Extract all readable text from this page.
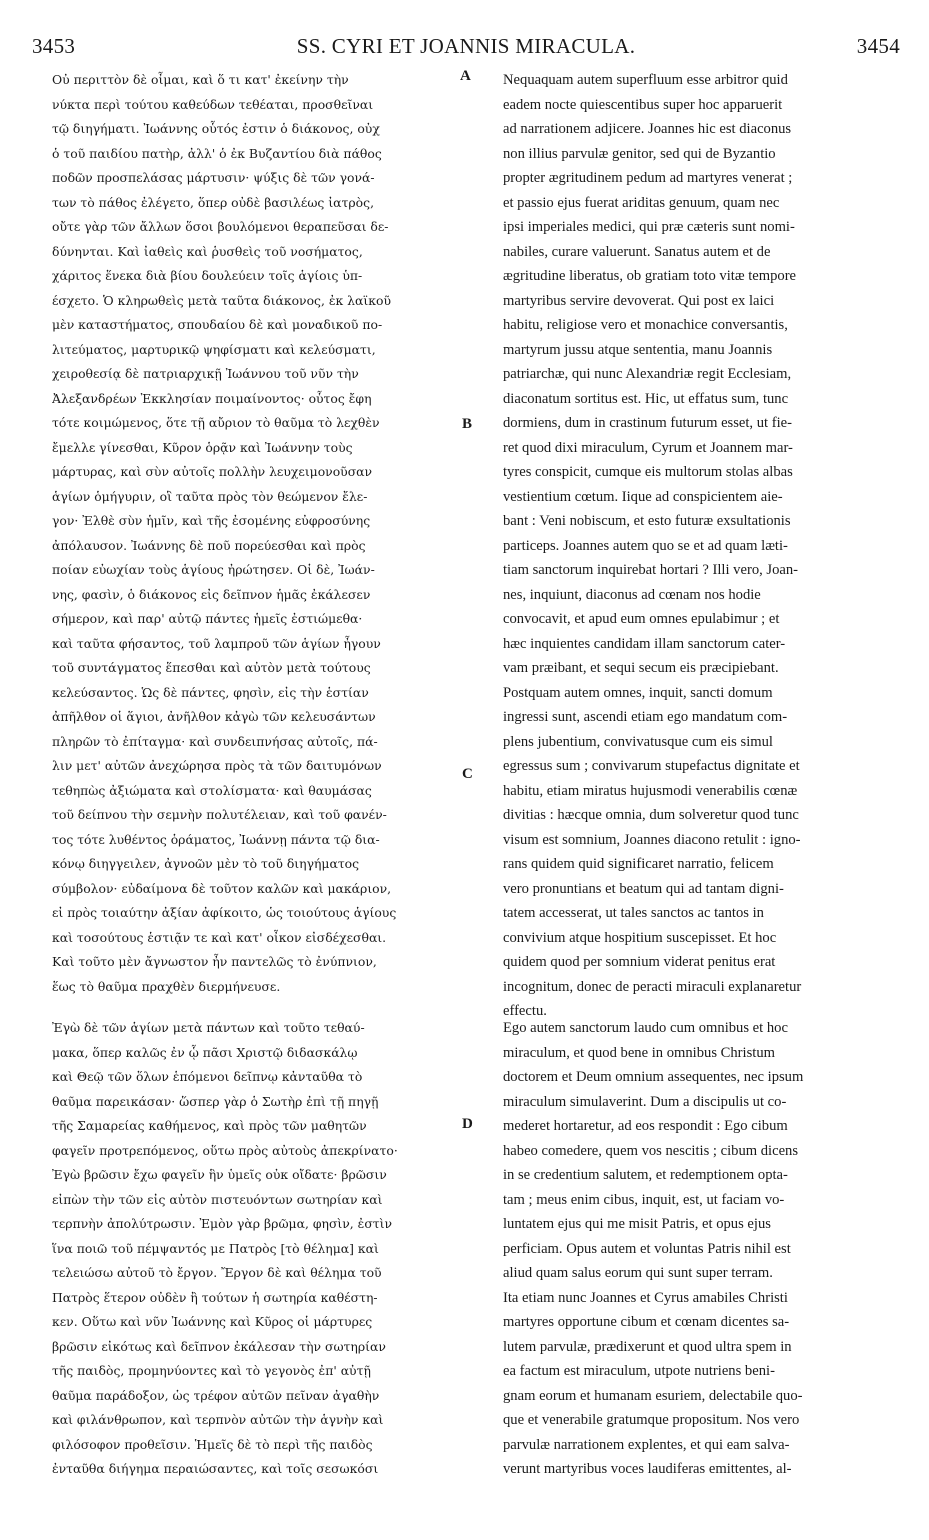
3453	SS. CYRI ET JOANNIS MIRACULA.	3454
Οὐ περιττὸν δὲ οἶμαι, καὶ ὅ τι κατ' ἐκείνην τὴν
νύκτα περὶ τούτου καθεύδων τεθέαται, προσθεῖναι
τῷ διηγήματι. Ἰωάννης οὗτός ἐστιν ὁ διάκονος, οὐχ
ὁ τοῦ παιδίου πατὴρ, ἀλλ' ὁ ἐκ Βυζαντίου διὰ πάθος
ποδῶν προσπελάσας μάρτυσιν· ψύξις δὲ τῶν γονά-
των τὸ πάθος ἐλέγετο, ὅπερ οὐδὲ βασιλέως ἰατρὸς,
οὔτε γὰρ τῶν ἄλλων ὅσοι βουλόμενοι θεραπεῦσαι δε-
δύνηνται. Καὶ ἰαθεὶς καὶ ῥυσθεὶς τοῦ νοσήματος,
χάριτος ἕνεκα διὰ βίου δουλεύειν τοῖς ἁγίοις ὑπ-
έσχετο. Ὁ κληρωθεὶς μετὰ ταῦτα διάκονος, ἐκ λαϊκοῦ
μὲν καταστήματος, σπουδαίου δὲ καὶ μοναδικοῦ πο-
λιτεύματος, μαρτυρικῷ ψηφίσματι καὶ κελεύσματι,
χειροθεσίᾳ δὲ πατριαρχικῇ Ἰωάννου τοῦ νῦν τὴν
Ἀλεξανδρέων Ἐκκλησίαν ποιμαίνοντος· οὗτος ἔφη
τότε κοιμώμενος, ὅτε τῇ αὔριον τὸ θαῦμα τὸ λεχθὲν
ἔμελλε γίνεσθαι, Κῦρον ὁρᾷν καὶ Ἰωάννην τοὺς
μάρτυρας, καὶ σὺν αὐτοῖς πολλὴν λευχειμονοῦσαν
ἁγίων ὁμήγυριν, οἳ ταῦτα πρὸς τὸν θεώμενον ἔλε-
γον· Ἐλθὲ σὺν ἡμῖν, καὶ τῆς ἐσομένης εὐφροσύνης
ἀπόλαυσον. Ἰωάννης δὲ ποῦ πορεύεσθαι καὶ πρὸς
ποίαν εὐωχίαν τοὺς ἁγίους ἠρώτησεν. Οἱ δὲ, Ἰωάν-
νης, φασὶν, ὁ διάκονος εἰς δεῖπνον ἡμᾶς ἐκάλεσεν
σήμερον, καὶ παρ' αὐτῷ πάντες ἡμεῖς ἐστιώμεθα·
καὶ ταῦτα φήσαντος, τοῦ λαμπροῦ τῶν ἁγίων ἦγουν
τοῦ συντάγματος ἕπεσθαι καὶ αὐτὸν μετὰ τούτους
κελεύσαντος. Ὡς δὲ πάντες, φησὶν, εἰς τὴν ἑστίαν
ἀπῆλθον οἱ ἅγιοι, ἀνῆλθον κἀγὼ τῶν κελευσάντων
πληρῶν τὸ ἐπίταγμα· καὶ συνδειπνήσας αὐτοῖς, πά-
λιν μετ' αὐτῶν ἀνεχώρησα πρὸς τὰ τῶν δαιτυμόνων
τεθηπὼς ἀξιώματα καὶ στολίσματα· καὶ θαυμάσας
τοῦ δείπνου τὴν σεμνὴν πολυτέλειαν, καὶ τοῦ φανέν-
τος τότε λυθέντος ὁράματος, Ἰωάννῃ πάντα τῷ δια-
κόνῳ διηγγειλεν, ἀγνοῶν μὲν τὸ τοῦ διηγήματος
σύμβολον· εὐδαίμονα δὲ τοῦτον καλῶν καὶ μακάριον,
εἰ πρὸς τοιαύτην ἀξίαν ἀφίκοιτο, ὡς τοιούτους ἁγίους
καὶ τοσούτους ἑστιᾷν τε καὶ κατ' οἶκον εἰσδέχεσθαι.
Καὶ τοῦτο μὲν ἄγνωστον ἦν παντελῶς τὸ ἐνύπνιον,
ἕως τὸ θαῦμα πραχθὲν διερμήνευσε.
Nequaquam autem superfluum esse arbitror quid
eadem nocte quiescentibus super hoc apparuerit
ad narrationem adjicere. Joannes hic est diaconus
non illius parvulæ genitor, sed qui de Byzantio
propter ægritudinem pedum ad martyres venerat ;
et passio ejus fuerat ariditas genuum, quam nec
ipsi imperiales medici, qui præ cæteris sunt nomi-
nabiles, curare valuerunt. Sanatus autem et de
ægritudine liberatus, ob gratiam toto vitæ tempore
martyribus servire devoverat. Qui post ex laici
habitu, religiose vero et monachice conversantis,
martyrum jussu atque sententia, manu Joannis
patriarchæ, qui nunc Alexandriæ regit Ecclesiam,
diaconatum sortitus est. Hic, ut effatus sum, tunc
dormiens, dum in crastinum futurum esset, ut fie-
ret quod dixi miraculum, Cyrum et Joannem mar-
tyres conspicit, cumque eis multorum stolas albas
vestientium cœtum. Iique ad conspicientem aie-
bant : Veni nobiscum, et esto futuræ exsultationis
particeps. Joannes autem quo se et ad quam læti-
tiam sanctorum inquirebat hortari ? Illi vero, Joan-
nes, inquiunt, diaconus ad cœnam nos hodie
convocavit, et apud eum omnes epulabimur ; et
hæc inquientes candidam illam sanctorum cater-
vam præibant, et sequi secum eis præcipiebant.
Postquam autem omnes, inquit, sancti domum
ingressi sunt, ascendi etiam ego mandatum com-
plens jubentium, convivatusque cum eis simul
egressus sum ; convivarum stupefactus dignitate et
habitu, etiam miratus hujusmodi venerabilis cœnæ
divitias : hæcque omnia, dum solveretur quod tunc
visum est somnium, Joannes diacono retulit : igno-
rans quidem quid significaret narratio, felicem
vero pronuntians et beatum qui ad tantam digni-
tatem accesserat, ut tales sanctos ac tantos in
convivium atque hospitium suscepisset. Et hoc
quidem quod per somnium viderat penitus erat
incognitum, donec de peracti miraculi explanaretur
effectu.
Ἐγὼ δὲ τῶν ἁγίων μετὰ πάντων καὶ τοῦτο τεθαύ-
μακα, ὅπερ καλῶς ἐν ᾧ πᾶσι Χριστῷ διδασκάλῳ
καὶ Θεῷ τῶν ὅλων ἑπόμενοι δεῖπνῳ κἀνταῦθα τὸ
θαῦμα παρεικάσαν· ὥσπερ γὰρ ὁ Σωτὴρ ἐπὶ τῇ πηγῇ
τῆς Σαμαρείας καθήμενος, καὶ πρὸς τῶν μαθητῶν
φαγεῖν προτρεπόμενος, οὕτω πρὸς αὐτοὺς ἀπεκρίνατο·
Ἐγὼ βρῶσιν ἔχω φαγεῖν ἣν ὑμεῖς οὐκ οἴδατε· βρῶσιν
εἰπὼν τὴν τῶν εἰς αὐτὸν πιστευόντων σωτηρίαν καὶ
τερπνὴν ἀπολύτρωσιν. Ἐμὸν γὰρ βρῶμα, φησὶν, ἐστὶν
ἵνα ποιῶ τοῦ πέμψαντός με Πατρὸς [τὸ θέλημα] καὶ
τελειώσω αὐτοῦ τὸ ἔργον. Ἔργον δὲ καὶ θέλημα τοῦ
Πατρὸς ἕτερον οὐδὲν ἢ τούτων ἡ σωτηρία καθέστη-
κεν. Οὕτω καὶ νῦν Ἰωάννης καὶ Κῦρος οἱ μάρτυρες
βρῶσιν εἰκότως καὶ δεῖπνον ἐκάλεσαν τὴν σωτηρίαν
τῆς παιδὸς, προμηνύοντες καὶ τὸ γεγονὸς ἐπ' αὐτῇ
θαῦμα παράδοξον, ὡς τρέφον αὐτῶν πεῖναν ἀγαθὴν
καὶ φιλάνθρωπον, καὶ τερπνὸν αὐτῶν τὴν ἁγνὴν καὶ
φιλόσοφον προθεῖσιν. Ἡμεῖς δὲ τὸ περὶ τῆς παιδὸς
ἐνταῦθα διήγημα περαιώσαντες, καὶ τοῖς σεσωκόσι
Ego autem sanctorum laudo cum omnibus et hoc
miraculum, et quod bene in omnibus Christum
doctorem et Deum omnium assequentes, nec ipsum
miraculum simulaverint. Dum a discipulis ut co-
mederet hortaretur, ad eos respondit : Ego cibum
habeo comedere, quem vos nescitis ; cibum dicens
in se credentium salutem, et redemptionem opta-
tam ; meus enim cibus, inquit, est, ut faciam vo-
luntatem ejus qui me misit Patris, et opus ejus
perficiam. Opus autem et voluntas Patris nihil est
aliud quam salus eorum qui sunt super terram.
Ita etiam nunc Joannes et Cyrus amabiles Christi
martyres opportune cibum et cœnam dicentes sa-
lutem parvulæ, prædixerunt et quod ultra spem in
ea factum est miraculum, utpote nutriens beni-
gnam eorum et humanam esuriem, delectabile quo-
que et venerabile gratumque propositum. Nos vero
parvulæ narrationem explentes, et qui eam salva-
verunt martyribus voces laudiferas emittentes, al-
A
B
C
D
